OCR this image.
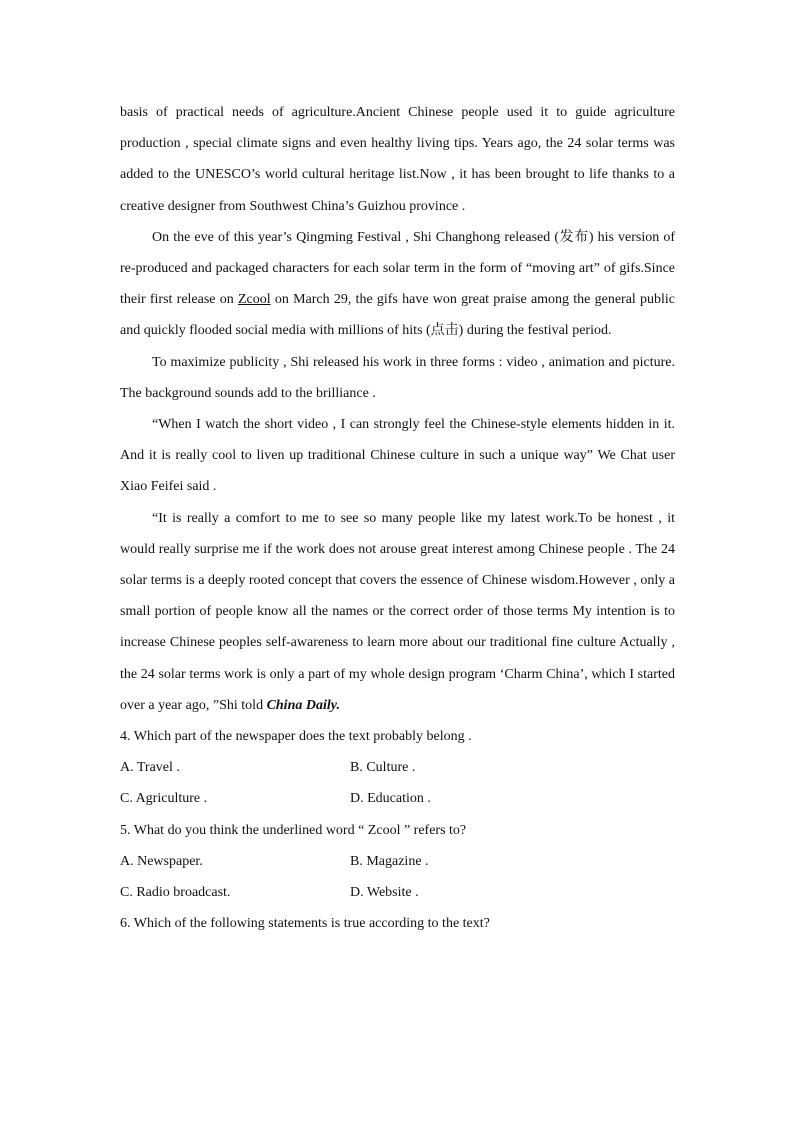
basis of practical needs of agriculture.Ancient Chinese people used it to guide agriculture production , special climate signs and even healthy living tips. Years ago, the 24 solar terms was added to the UNESCO’s world cultural heritage list.Now , it has been brought to life thanks to a creative designer from Southwest China’s Guizhou province .

On the eve of this year’s Qingming Festival , Shi Changhong released (发布) his version of re-produced and packaged characters for each solar term in the form of “moving art” of gifs.Since their first release on Zcool on March 29, the gifs have won great praise among the general public and quickly flooded social media with millions of hits (点击) during the festival period.

To maximize publicity , Shi released his work in three forms : video , animation and picture. The background sounds add to the brilliance .

“When I watch the short video , I can strongly feel the Chinese-style elements hidden in it. And it is really cool to liven up traditional Chinese culture in such a unique way” We Chat user Xiao Feifei said .

“It is really a comfort to me to see so many people like my latest work.To be honest , it would really surprise me if the work does not arouse great interest among Chinese people . The 24 solar terms is a deeply rooted concept that covers the essence of Chinese wisdom.However , only a small portion of people know all the names or the correct order of those terms My intention is to increase Chinese peoples self-awareness to learn more about our traditional fine culture Actually , the 24 solar terms work is only a part of my whole design program ‘Charm China’, which I started over a year ago, ”Shi told China Daily.

4. Which part of the newspaper does the text probably belong .

A. Travel .	B. Culture .
C. Agriculture .	D. Education .

5. What do you think the underlined word “ Zcool ” refers to?

A. Newspaper.	B. Magazine .
C. Radio broadcast.	D. Website .

6. Which of the following statements is true according to the text?
